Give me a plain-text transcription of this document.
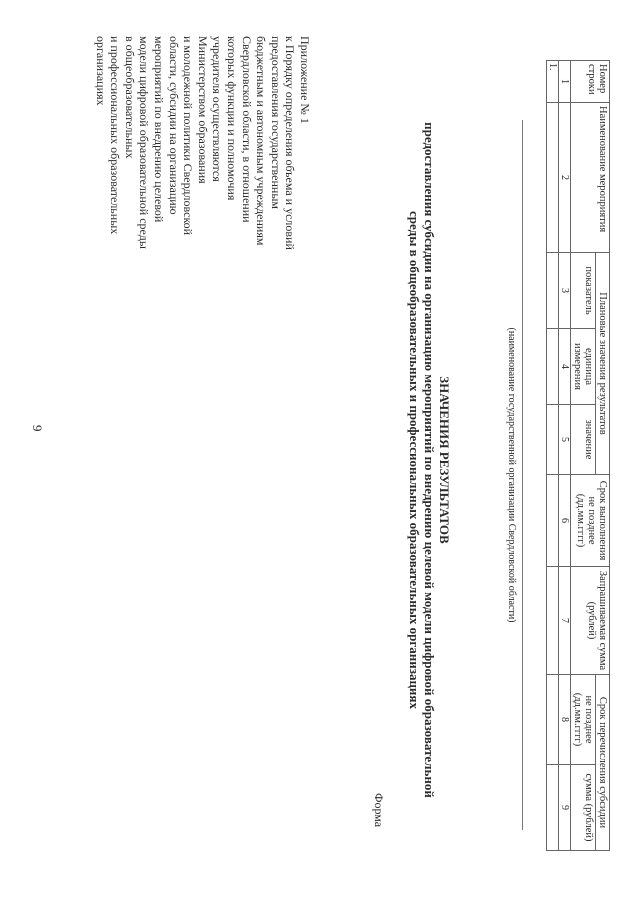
9
Приложение № 1
к Порядку определения объема и условий
предоставления государственным
бюджетным и автономным учреждениям
Свердловской области, в отношении
которых функции и полномочия
учредителя осуществляются
Министерством образования
и молодежной политики Свердловской
области, субсидии на организацию
мероприятий по внедрению целевой
модели цифровой образовательной среды
в общеобразовательных
и профессиональных образовательных
организациях
Форма
ЗНАЧЕНИЯ РЕЗУЛЬТАТОВ
предоставления субсидии на организацию мероприятий по внедрению целевой модели цифровой образовательной
среды в общеобразовательных и профессиональных образовательных организациях	(наименование государственной организации Свердловской области)
Номер строки	Наименование мероприятия	Плановые значения результатов			Срок выполнения не позднее (дд.мм.гггг)	Запрашиваемая сумма (рублей)	Срок перечисления субсидии	
		показатель	единица измерения	значение			не позднее (дд.мм.гггг)	сумма (рублей)
1	2	3	4	5	6	7	8	9
1.								
